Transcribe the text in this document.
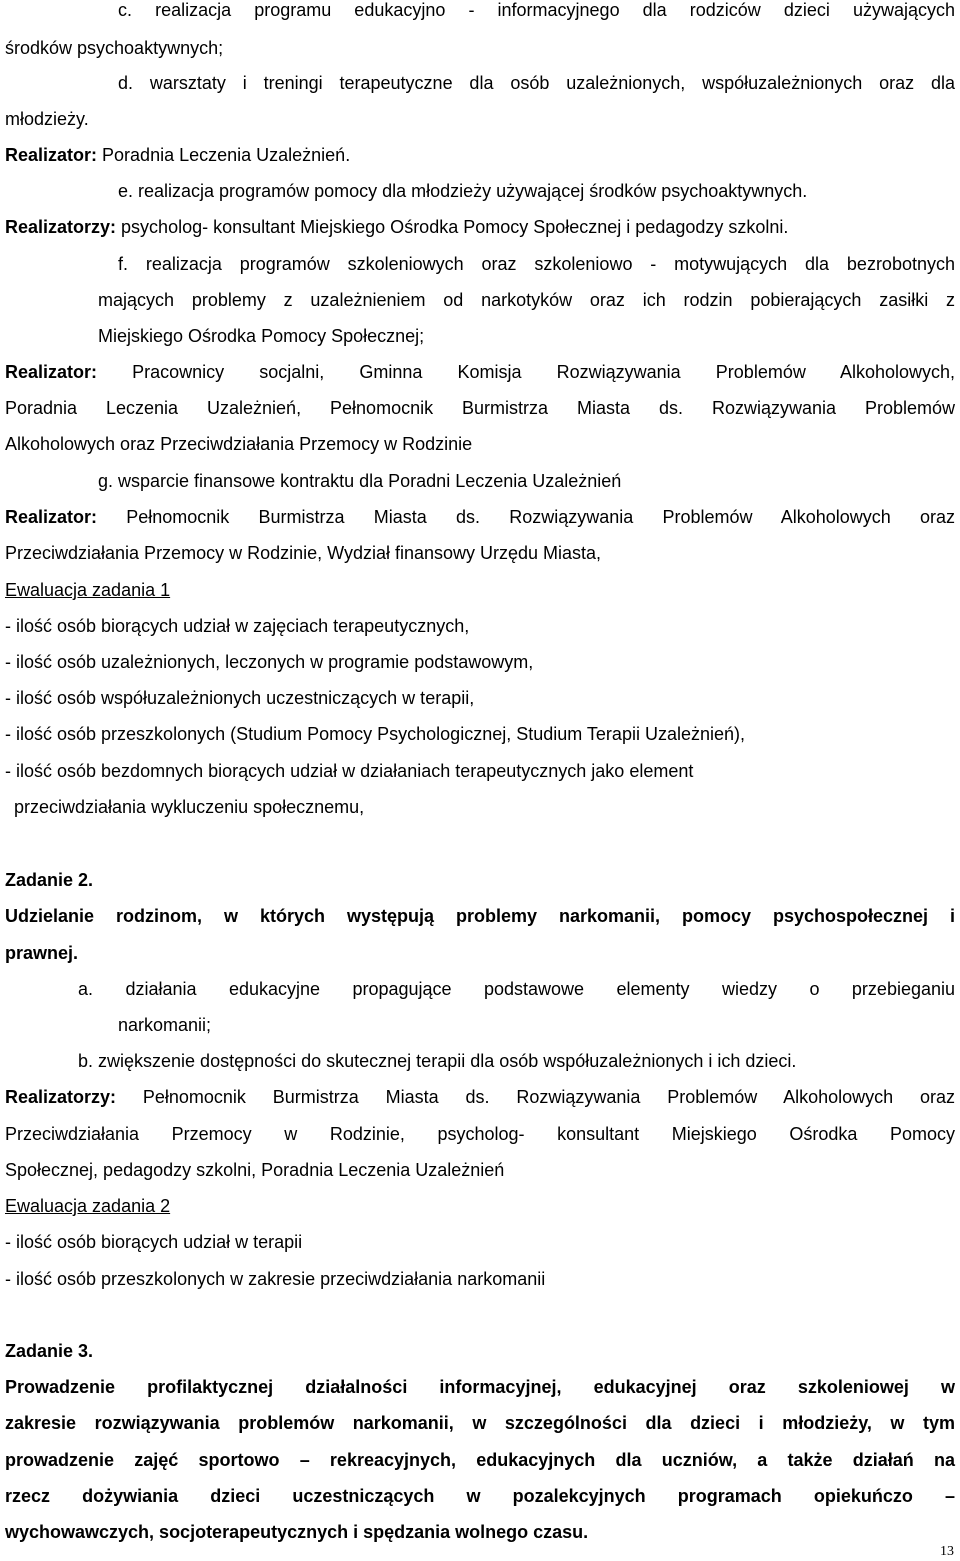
c. realizacja programu edukacyjno - informacyjnego dla rodziców dzieci używających
środków psychoaktywnych;
d. warsztaty i treningi terapeutyczne dla osób uzależnionych, współuzależnionych oraz dla
młodzieży.
Realizator: Poradnia Leczenia Uzależnień.
e. realizacja programów pomocy dla młodzieży używającej środków psychoaktywnych.
Realizatorzy: psycholog- konsultant Miejskiego Ośrodka Pomocy Społecznej i pedagodzy szkolni.
f. realizacja programów szkoleniowych oraz szkoleniowo - motywujących dla bezrobotnych
mających problemy z uzależnieniem od narkotyków oraz ich rodzin pobierających zasiłki z
Miejskiego Ośrodka Pomocy Społecznej;
Realizator: Pracownicy socjalni, Gminna Komisja Rozwiązywania Problemów Alkoholowych,
Poradnia Leczenia Uzależnień, Pełnomocnik Burmistrza Miasta ds. Rozwiązywania Problemów
Alkoholowych oraz Przeciwdziałania Przemocy w Rodzinie
g. wsparcie finansowe kontraktu dla Poradni Leczenia Uzależnień
Realizator: Pełnomocnik Burmistrza Miasta ds. Rozwiązywania Problemów Alkoholowych oraz
Przeciwdziałania Przemocy w Rodzinie, Wydział finansowy Urzędu Miasta,
Ewaluacja zadania 1
- ilość osób biorących udział w zajęciach terapeutycznych,
- ilość osób uzależnionych, leczonych w programie podstawowym,
- ilość osób współuzależnionych uczestniczących w terapii,
- ilość osób przeszkolonych (Studium Pomocy Psychologicznej, Studium Terapii Uzależnień),
- ilość osób bezdomnych biorących udział w działaniach terapeutycznych jako element
przeciwdziałania wykluczeniu społecznemu,
Zadanie 2.
Udzielanie rodzinom, w których występują problemy narkomanii, pomocy psychospołecznej i
prawnej.
a. działania edukacyjne propagujące podstawowe elementy wiedzy o przebieganiu
narkomanii;
b. zwiększenie dostępności do skutecznej terapii dla osób współuzależnionych i ich dzieci.
Realizatorzy: Pełnomocnik Burmistrza Miasta ds. Rozwiązywania Problemów Alkoholowych oraz
Przeciwdziałania Przemocy w Rodzinie, psycholog- konsultant Miejskiego Ośrodka Pomocy
Społecznej, pedagodzy szkolni, Poradnia Leczenia Uzależnień
Ewaluacja zadania 2
- ilość osób biorących udział w terapii
- ilość osób przeszkolonych w zakresie przeciwdziałania narkomanii
Zadanie 3.
Prowadzenie profilaktycznej działalności informacyjnej, edukacyjnej oraz szkoleniowej w
zakresie rozwiązywania problemów narkomanii, w szczególności dla dzieci i młodzieży, w tym
prowadzenie zajęć sportowo – rekreacyjnych, edukacyjnych dla uczniów, a także działań na
rzecz dożywiania dzieci uczestniczących w pozalekcyjnych programach opiekuńczo –
wychowawczych, socjoterapeutycznych i spędzania wolnego czasu.
13
